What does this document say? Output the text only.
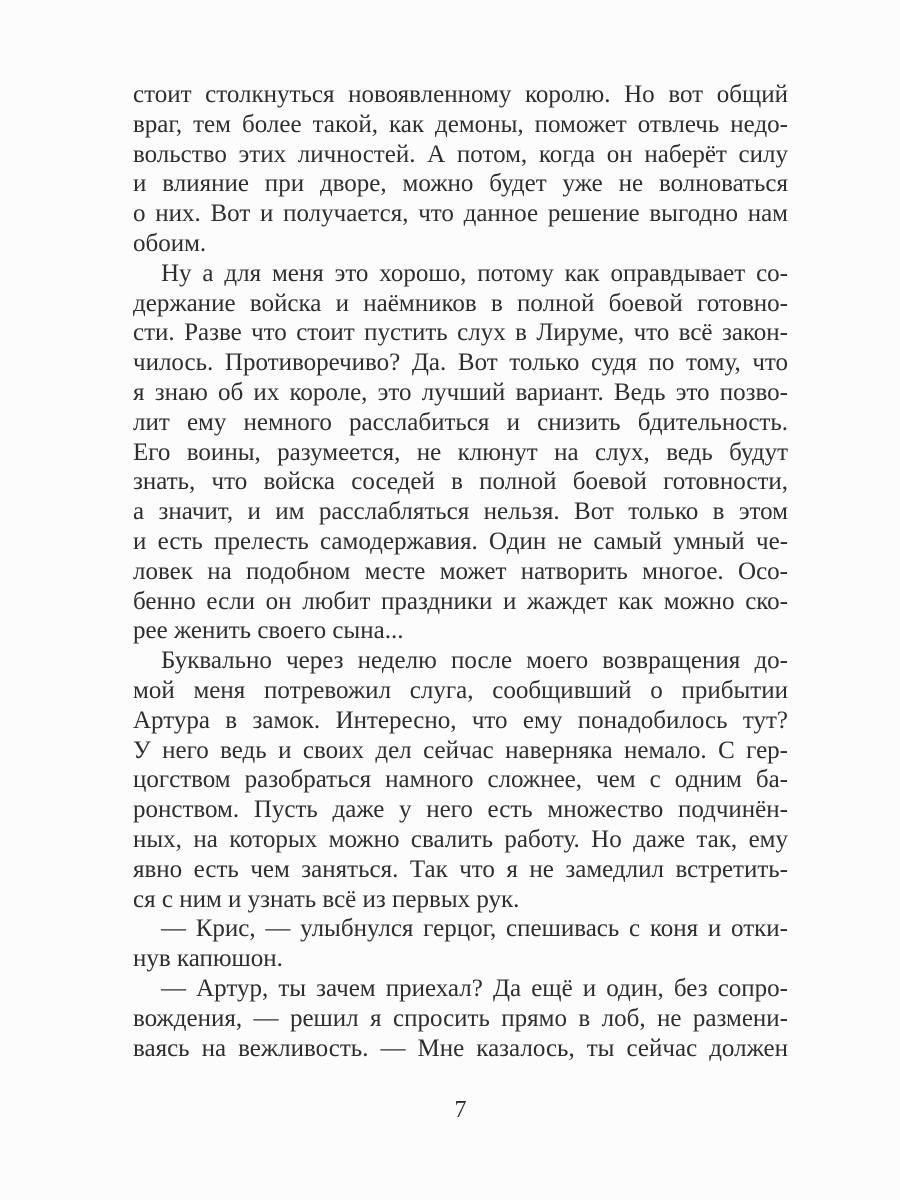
стоит столкнуться новоявленному королю. Но вот общий
враг, тем более такой, как демоны, поможет отвлечь недо-
вольство этих личностей. А потом, когда он наберёт силу
и влияние при дворе, можно будет уже не волноваться
о них. Вот и получается, что данное решение выгодно нам
обоим.
Ну а для меня это хорошо, потому как оправдывает со-
держание войска и наёмников в полной боевой готовно-
сти. Разве что стоит пустить слух в Лируме, что всё закон-
чилось. Противоречиво? Да. Вот только судя по тому, что
я знаю об их короле, это лучший вариант. Ведь это позво-
лит ему немного расслабиться и снизить бдительность.
Его воины, разумеется, не клюнут на слух, ведь будут
знать, что войска соседей в полной боевой готовности,
а значит, и им расслабляться нельзя. Вот только в этом
и есть прелесть самодержавия. Один не самый умный че-
ловек на подобном месте может натворить многое. Осо-
бенно если он любит праздники и жаждет как можно ско-
рее женить своего сына...
Буквально через неделю после моего возвращения до-
мой меня потревожил слуга, сообщивший о прибытии
Артура в замок. Интересно, что ему понадобилось тут?
У него ведь и своих дел сейчас наверняка немало. С гер-
цогством разобраться намного сложнее, чем с одним ба-
ронством. Пусть даже у него есть множество подчинён-
ных, на которых можно свалить работу. Но даже так, ему
явно есть чем заняться. Так что я не замедлил встретить-
ся с ним и узнать всё из первых рук.
— Крис, — улыбнулся герцог, спешивась с коня и отки-
нув капюшон.
— Артур, ты зачем приехал? Да ещё и один, без сопро-
вождения, — решил я спросить прямо в лоб, не размени-
ваясь на вежливость. — Мне казалось, ты сейчас должен
7
